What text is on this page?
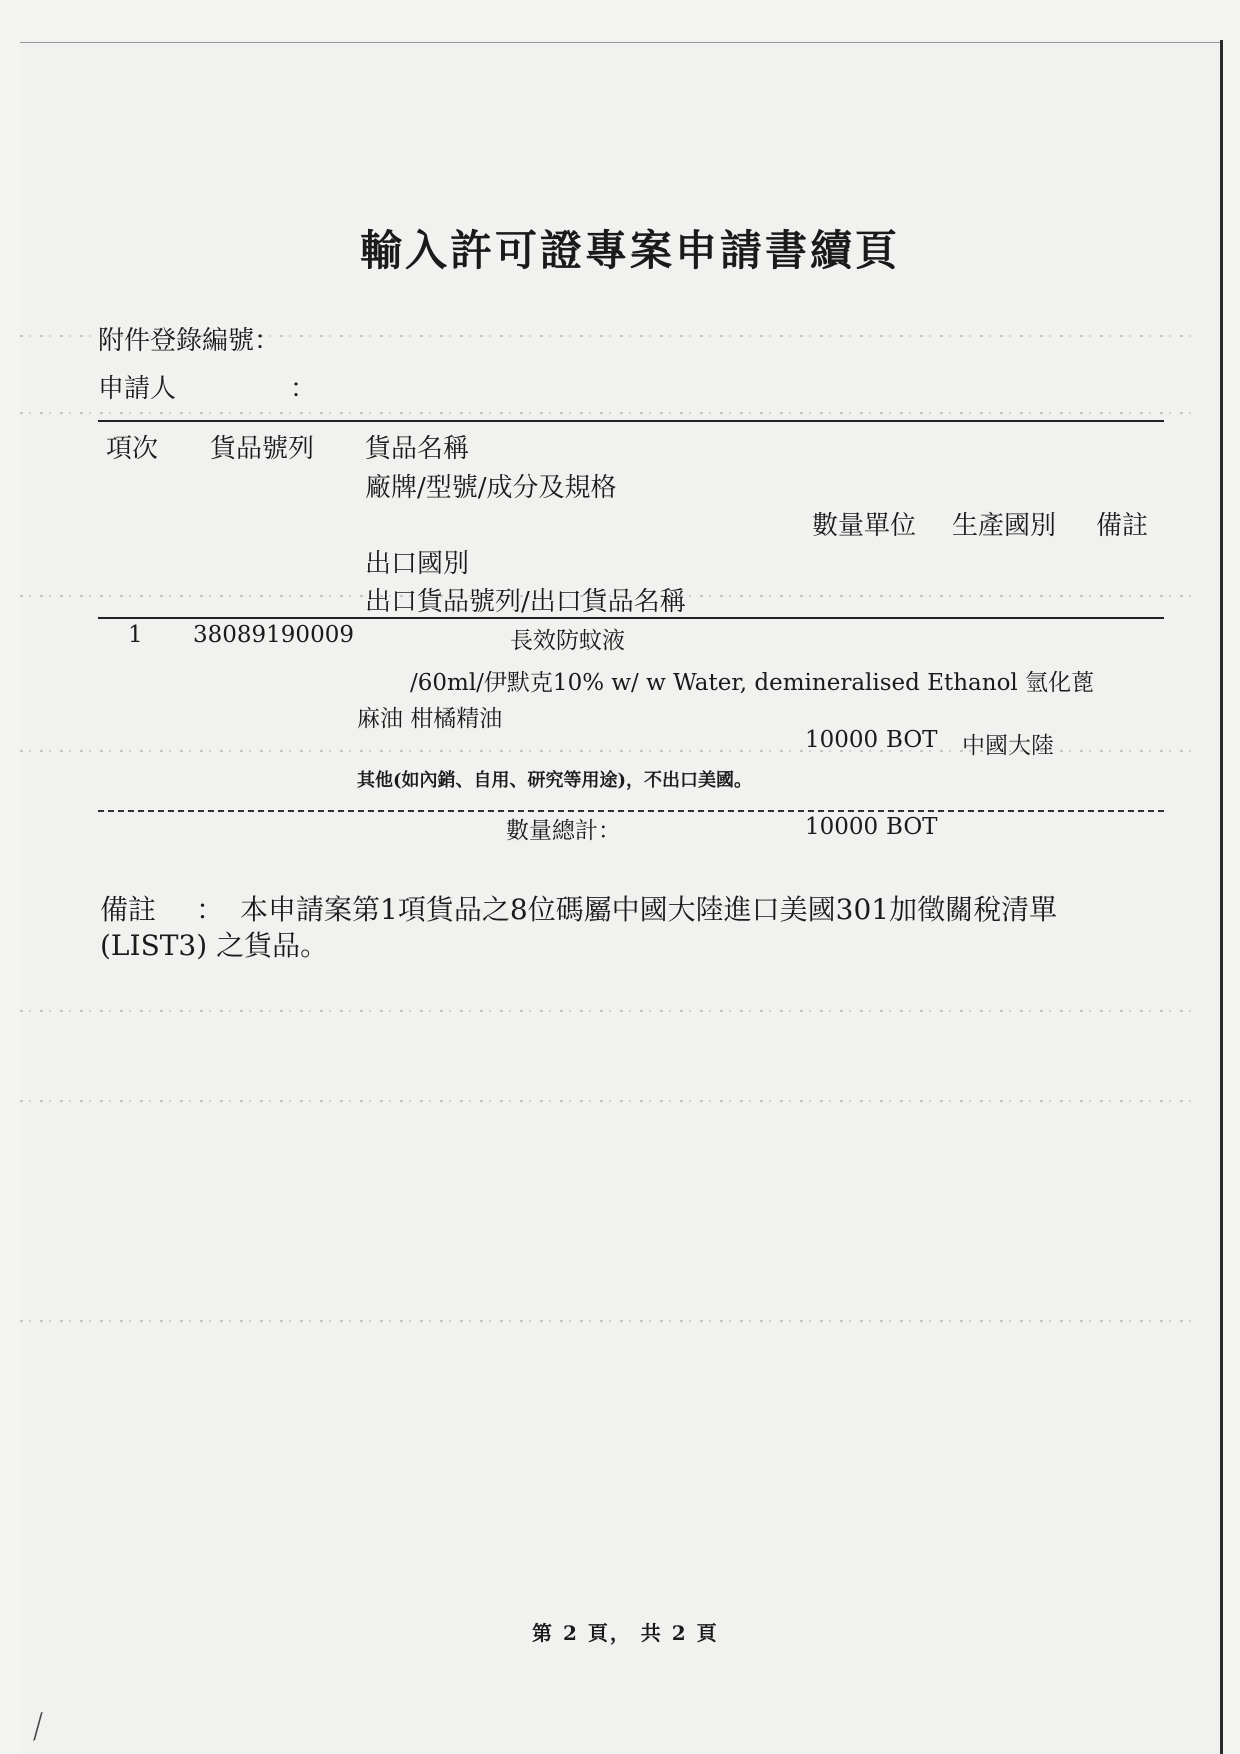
輸入許可證專案申請書續頁
附件登錄編號：
申請人	：
項次 貨品號列 貨品名稱
廠牌/型號/成分及規格
數量單位 生產國別 備註
出口國別
出口貨品號列/出口貨品名稱
1 38089190009	長效防蚊液
/60ml/伊默克10% w/ w Water, demineralised Ethanol 氫化蓖
麻油 柑橘精油
10000 BOT 中國大陸
其他(如內銷、自用、研究等用途)，不出口美國。
數量總計：	10000 BOT
備註 ： 本申請案第1項貨品之8位碼屬中國大陸進口美國301加徵關稅清單
(LIST3) 之貨品。
第 2 頁， 共 2 頁
⟋
